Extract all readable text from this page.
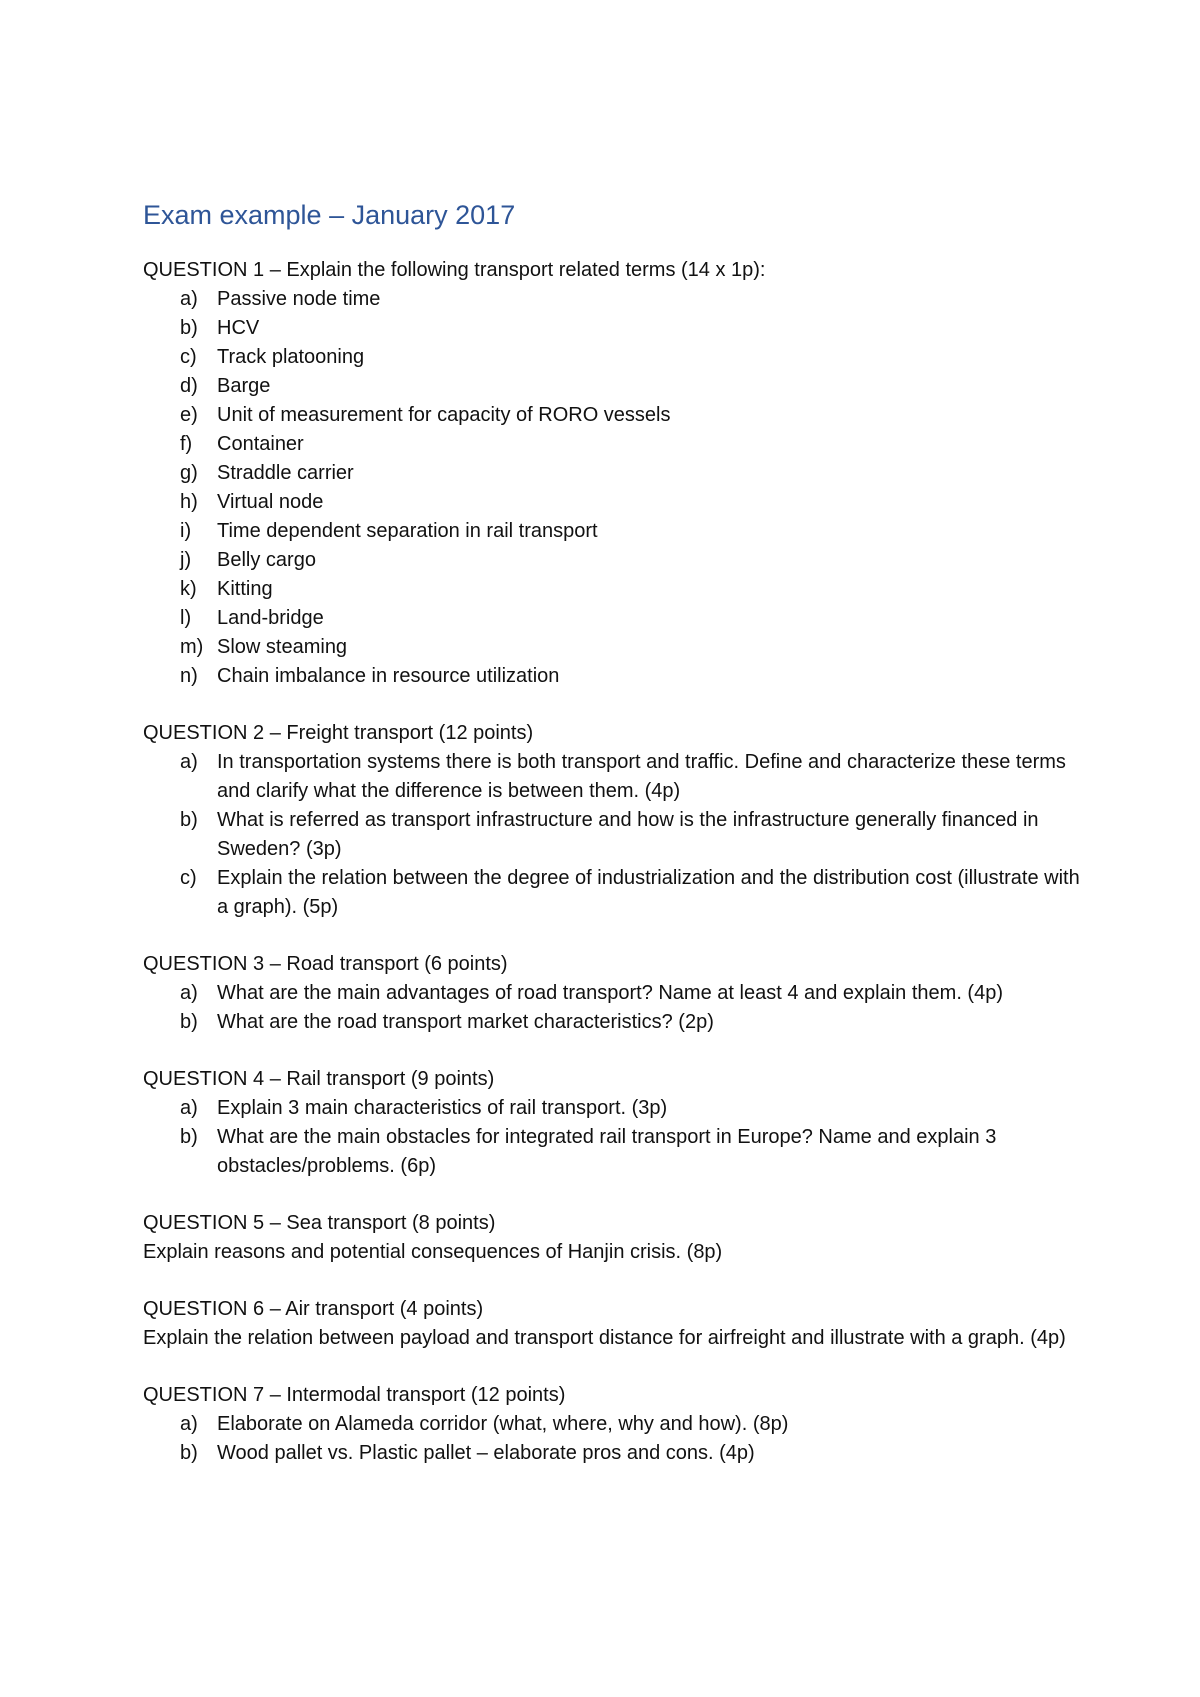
Exam example – January 2017

QUESTION 1 – Explain the following transport related terms (14 x 1p):

a) Passive node time
b) HCV
c) Track platooning
d) Barge
e) Unit of measurement for capacity of RORO vessels
f) Container
g) Straddle carrier
h) Virtual node
i) Time dependent separation in rail transport
j) Belly cargo
k) Kitting
l) Land-bridge
m) Slow steaming
n) Chain imbalance in resource utilization

QUESTION 2 – Freight transport (12 points)

a) In transportation systems there is both transport and traffic. Define and characterize these terms and clarify what the difference is between them. (4p)
b) What is referred as transport infrastructure and how is the infrastructure generally financed in Sweden? (3p)
c) Explain the relation between the degree of industrialization and the distribution cost (illustrate with a graph). (5p)

QUESTION 3 – Road transport (6 points)

a) What are the main advantages of road transport? Name at least 4 and explain them. (4p)
b) What are the road transport market characteristics? (2p)

QUESTION 4 – Rail transport (9 points)

a) Explain 3 main characteristics of rail transport. (3p)
b) What are the main obstacles for integrated rail transport in Europe? Name and explain 3 obstacles/problems. (6p)

QUESTION 5 – Sea transport (8 points)

Explain reasons and potential consequences of Hanjin crisis. (8p)

QUESTION 6 – Air transport (4 points)

Explain the relation between payload and transport distance for airfreight and illustrate with a graph. (4p)

QUESTION 7 – Intermodal transport (12 points)

a) Elaborate on Alameda corridor (what, where, why and how). (8p)
b) Wood pallet vs. Plastic pallet – elaborate pros and cons. (4p)
